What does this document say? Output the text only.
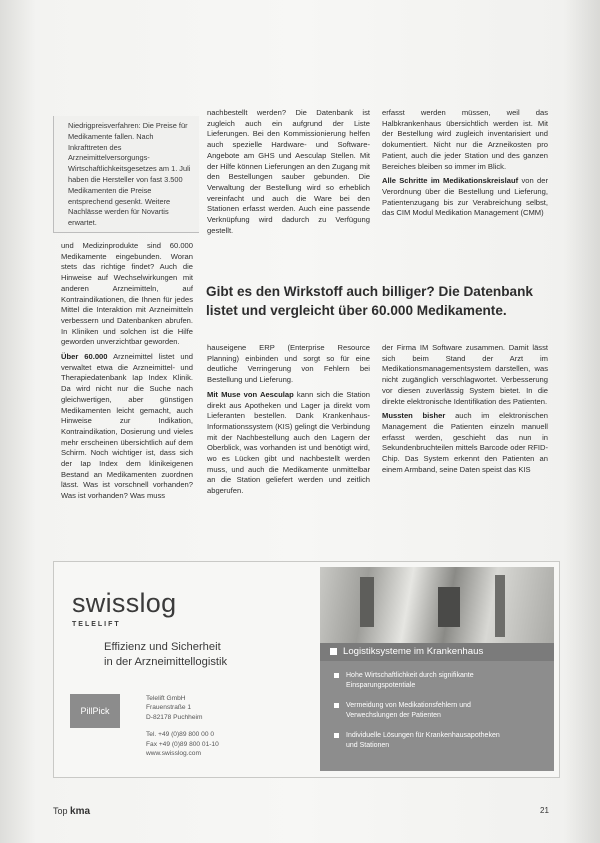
Niedrigpreisverfahren: Die Preise für Medikamente fallen. Nach Inkrafttreten des Arzneimittelversorgungs-Wirtschaftlichkeitsgesetzes am 1. Juli haben die Hersteller von fast 3.500 Medikamenten die Preise entsprechend gesenkt. Weitere Nachlässe werden für Novartis erwartet.

nachbestellt werden? Die Datenbank ist zugleich auch ein aufgrund der Liste Lieferungen. Bei den Kommissionierung helfen auch spezielle Hardware- und Software-Angebote am GHS und Aesculap Stellen. Mit der Hilfe können Lieferungen an den Zugang mit den Bestellungen sauber gebunden. Die Verwaltung der Bestellung wird so erheblich vereinfacht und auch die Ware bei den Stationen erfasst werden. Auch eine passende Verknüpfung wird dadurch zu Verfügung gestellt.

erfasst werden müssen, weil das Halbkrankenhaus übersichtlich werden ist. Mit der Bestellung wird zugleich inventarisiert und dokumentiert. Nicht nur die Arzneikosten pro Patient, auch die jeder Station und des ganzen Bereiches bleiben so immer im Blick.

Alle Schritte im Medikationskreislauf von der Verordnung über die Bestellung und Lieferung, Patientenzugang bis zur Verabreichung selbst, das CIM Modul Medikation Management (CMM)

und Medizinprodukte sind 60.000 Medikamente eingebunden. Woran stets das richtige findet? Auch die Hinweise auf Wechselwirkungen mit anderen Arzneimitteln, auf Kontraindikationen, die Ihnen für jedes Mittel die Interaktion mit Arzneimitteln verbessern und Datenbanken abrufen. In Kliniken und solchen ist die Hilfe geworden unverzichtbar geworden.

Über 60.000 Arzneimittel listet und verwaltet etwa die Arzneimittel- und Therapiedatenbank Iap Index Klinik. Da wird nicht nur die Suche nach gleichwertigen, aber günstigen Medikamenten leicht gemacht, auch Hinweise zur Indikation, Kontraindikation, Dosierung und vieles mehr erscheinen übersichtlich auf dem Schirm. Noch wichtiger ist, dass sich der Iap Index dem klinikeigenen Bestand an Medikamenten zuordnen lässt. Was ist vorschnell vorhanden? Was ist vorhanden? Was muss

Gibt es den Wirkstoff auch billiger? Die Datenbank listet und vergleicht über 60.000 Medikamente.

hauseigene ERP (Enterprise Resource Planning) einbinden und sorgt so für eine deutliche Verringerung von Fehlern bei Bestellung und Lieferung.

Mit Muse von Aesculap kann sich die Station direkt aus Apotheken und Lager ja direkt vom Lieferanten bestellen. Dank Krankenhaus-Informationssystem (KIS) gelingt die Verbindung mit der Nachbestellung auch den Lagern der Oberblick, was vorhanden ist und benötigt wird, wo es Lücken gibt und nachbestellt werden muss, und auch die Medikamente unmittelbar an die Station geliefert werden und zeitlich abgerufen.

der Firma IM Software zusammen. Damit lässt sich beim Stand der Arzt im Medikationsmanagementsystem darstellen, was nicht zugänglich verschlagwortet. Verbesserung vor diesen zuverlässig System bietet. In die direkte elektronische Identifikation des Patienten.

Mussten bisher auch im elektronischen Management die Patienten einzeln manuell erfasst werden, geschieht das nun in Sekundenbruchteilen mittels Barcode oder RFID-Chip. Das System erkennt den Patienten an einem Armband, seine Daten speist das KIS

swisslog
TELELIFT
Effizienz und Sicherheit
in der Arzneimittellogistik
PillPick
Telelift GmbH
Frauenstraße 1
D-82178 Puchheim
Tel. +49 (0)89 800 00 0
Fax +49 (0)89 800 01-10
www.swisslog.com
Logistiksysteme im Krankenhaus
Hohe Wirtschaftlichkeit durch signifikante Einsparungspotentiale
Vermeidung von Medikationsfehlern und Verwechslungen der Patienten
Individuelle Lösungen für Krankenhausapotheken und Stationen
Top kma	21
